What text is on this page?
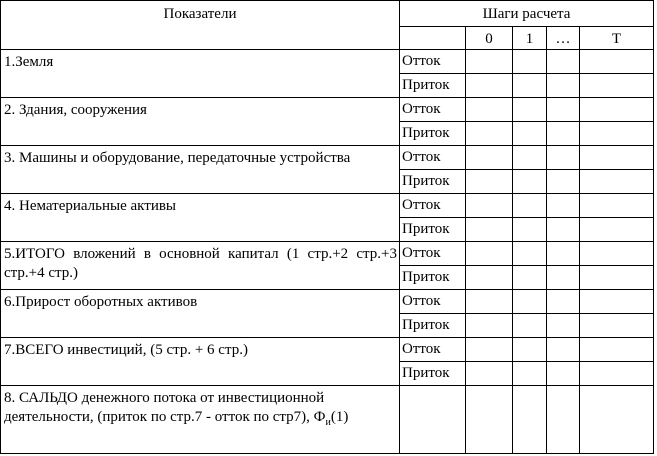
Показатели	Шаги расчета				
		0	1	…	Т
1.Земля	Отток				
	Приток				
2. Здания, сооружения	Отток				
	Приток				
3. Машины и оборудование, передаточные устройства	Отток				
	Приток				
4. Нематериальные активы	Отток				
	Приток				
5.ИТОГО вложений в основной капитал (1 стр.+2 стр.+3 стр.+4 стр.)	Отток				
	Приток				
6.Прирост оборотных активов	Отток				
	Приток				
7.ВСЕГО инвестиций, (5 стр. + 6 стр.)	Отток				
	Приток				
8. САЛЬДО денежного потока от инвестиционной деятельности, (приток по стр.7 - отток по стр7), $Ф_и(1)$					
